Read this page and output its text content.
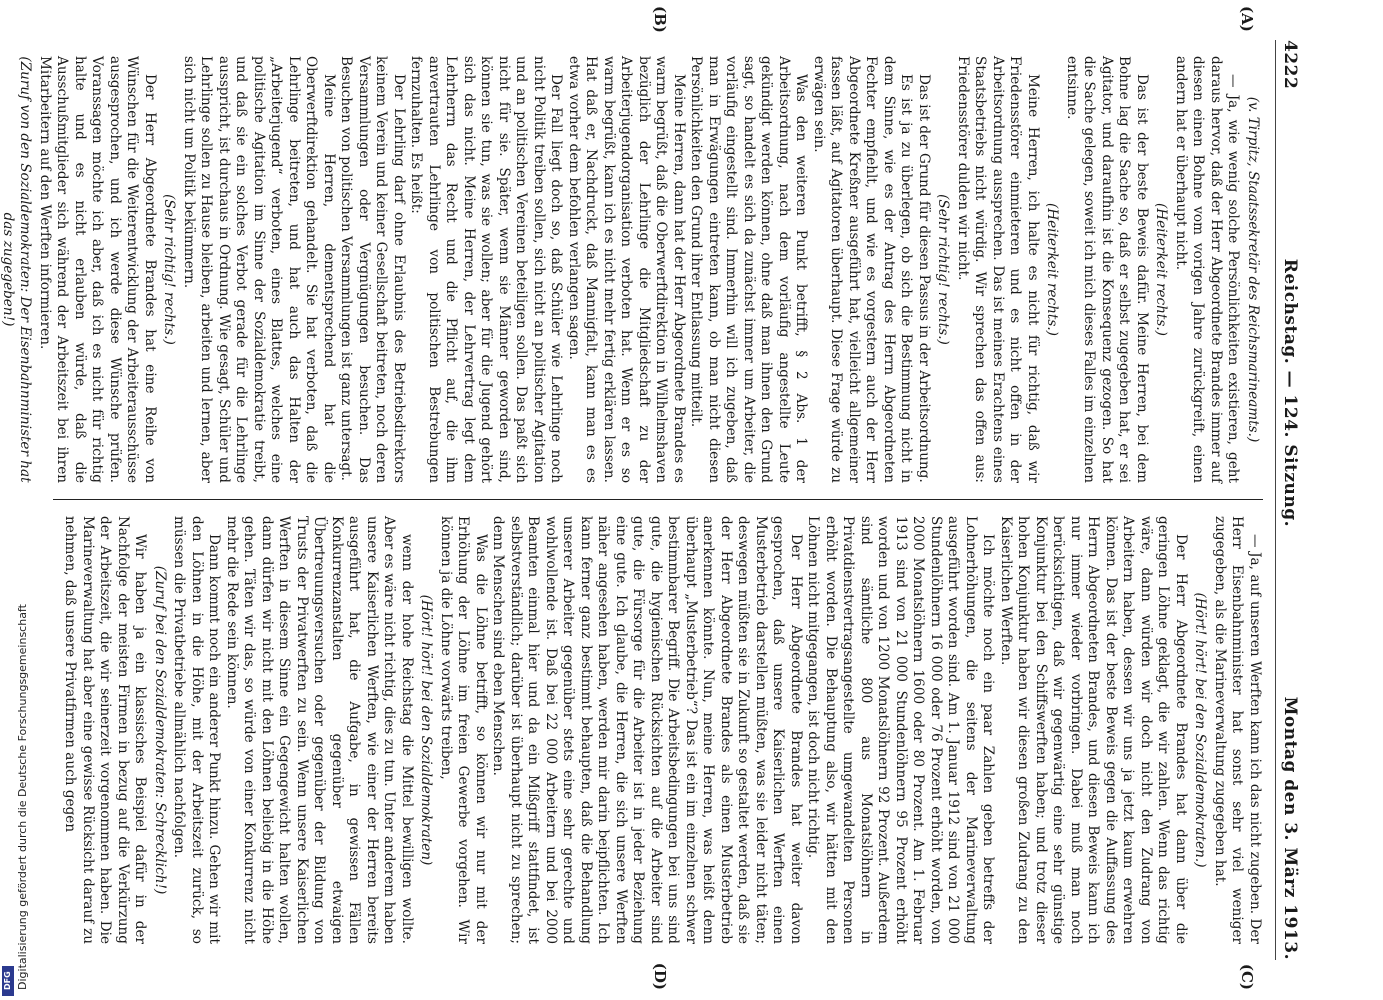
4222
Reichstag. — 124. Sitzung.
Montag den 3. März 1913.
(A)
(B)

(v. Tirpitz, Staatssekretär des Reichsmarineamts.)

— Ja, wie wenig solche Persönlichkeiten existieren, geht daraus hervor, daß der Herr Abgeordnete Brandes immer auf diesen einen Bohne vom vorigen Jahre zurückgreift, einen andern hat er überhaupt nicht.

(Heiterkeit rechts.)

Das ist der beste Beweis dafür. Meine Herren, bei dem Bohne lag die Sache so, daß er selbst zugegeben hat, er sei Agitator, und daraufhin ist die Konsequenz gezogen. So hat die Sache gelegen, soweit ich mich dieses Falles im einzelnen entsinne.

(Heiterkeit rechts.)

Meine Herren, ich halte es nicht für richtig, daß wir Friedensstörer einmieteren und es nicht offen in der Arbeitsordnung aussprechen. Das ist meines Erachtens eines Staatsbetriebs nicht würdig. Wir sprechen das offen aus: Friedensstörer dulden wir nicht.

(Sehr richtig! rechts.)

Das ist der Grund für diesen Passus in der Arbeitsordnung.

Es ist ja zu überlegen, ob sich die Bestimmung nicht in dem Sinne, wie es der Antrag des Herrn Abgeordneten Fechter empfiehlt, und wie es vorgestern auch der Herr Abgeordnete Kreßner ausgeführt hat, vielleicht allgemeiner fassen läßt, auf Agitatoren überhaupt. Diese Frage würde zu erwägen sein.

Was den weiteren Punkt betrifft, § 2 Abs. 1 der Arbeitsordnung, nach dem vorläufig angestellte Leute gekündigt werden können, ohne daß man ihnen den Grund sagt, so handelt es sich da zunächst immer um Arbeiter, die vorläufig eingestellt sind. Immerhin will ich zugeben, daß man in Erwägungen eintreten kann, ob man nicht diesen Persönlichkeiten den Grund ihrer Entlassung mitteilt.

Meine Herren, dann hat der Herr Abgeordnete Brandes es warm begrüßt, daß die Oberwerftdirektion in Wilhelmshaven bezüglich der Lehrlinge die Mitgliedschaft zu der Arbeiterjugendorganisation verboten hat. Wenn er es so warm begrüßt, kann ich es nicht mehr fertig erklären lassen. Hat daß er, Nachdruckt, daß Mannigfalt, kann man es es etwa vorher dem befohlen verlangen sagen.

Der Fall liegt doch so, daß Schüler wie Lehrlinge noch nicht Politik treiben sollen, sich nicht an politischer Agitation und an politischen Vereinen beteiligen sollen. Das paßt sich nicht für sie. Später, wenn sie Männer geworden sind, können sie tun, was sie wollen; aber für die Jugend gehört sich das nicht. Meine Herren, der Lehrvertrag legt dem Lehrherrn das Recht und die Pflicht auf, die ihm anvertrauten Lehrlinge von politischen Bestrebungen fernzuhalten. Es heißt:

Der Lehrling darf ohne Erlaubnis des Betriebsdirektors keinem Verein und keiner Gesellschaft beitreten, noch deren Versammlungen oder Vergnügungen besuchen. Das Besuchen von politischen Versammlungen ist ganz untersagt.

Meine Herren, dementsprechend hat die Oberwerftdirektion gehandelt. Sie hat verboten, daß die Lehrlinge beitreten, und hat auch das Halten der „Arbeiterjugend“ verboten, eines Blattes, welches eine politische Agitation im Sinne der Sozialdemokratie treibt, und daß sie ein solches Verbot gerade für die Lehrlinge ausspricht, ist durchaus in Ordnung. Wie gesagt, Schüler und Lehrlinge sollen zu Hause bleiben, arbeiten und lernen, aber sich nicht um Politik bekümmern.

(Sehr richtig! rechts.)

Der Herr Abgeordnete Brandes hat eine Reihe von Wünschen für die Weiterentwicklung der Arbeiterausschüsse ausgesprochen, und ich werde diese Wünsche prüfen. Voranssagen möchte ich aber, daß ich es nicht für richtig halte und es nicht erlauben würde, daß die Ausschußmitglieder sich während der Arbeitszeit bei ihren Mitarbeitern auf den Werften informieren.

(Zuruf von den Sozialdemokraten: Der Eisenbahnminister hat das zugegeben!)

(C)
(D)

— Ja, auf unseren Werften kann ich das nicht zugeben. Der Herr Eisenbahnminister hat sonst sehr viel weniger zugegeben, als die Marineverwaltung zugegeben hat.

(Hört! hört! bei den Sozialdemokraten.)

Der Herr Abgeordnete Brandes hat dann über die geringen Löhne geklagt, die wir zahlen. Wenn das richtig wäre, dann würden wir doch nicht den Zudrang von Arbeitern haben, dessen wir uns ja jetzt kaum erwehren können. Das ist der beste Beweis gegen die Auffassung des Herrn Abgeordneten Brandes, und diesen Beweis kann ich nur immer wieder vorbringen. Dabei muß man noch berücksichtigen, daß wir gegenwärtig eine sehr günstige Konjunktur bei den Schiffswerften haben; und trotz dieser hohen Konjunktur haben wir diesen großen Zudrang zu den Kaiserlichen Werften.

Ich möchte noch ein paar Zahlen geben betreffs der Lohnerhöhungen, die seitens der Marineverwaltung ausgeführt worden sind. Am 1. Januar 1912 sind von 21 000 Stundenlöhnern 16 000 oder 76 Prozent erhöht worden, von 2000 Monatslöhnern 1600 oder 80 Prozent. Am 1. Februar 1913 sind von 21 000 Stundenlöhnern 95 Prozent erhöht worden und von 1200 Monatslöhnern 92 Prozent. Außerdem sind sämtliche 800 aus Monatslöhnern in Privatdienstvertragsangestellte umgewandelten Personen erhöht worden. Die Behauptung also, wir hätten mit den Löhnen nicht mitgegangen, ist doch nicht richtig.

Der Herr Abgeordnete Brandes hat weiter davon gesprochen, daß unsere Kaiserlichen Werften einen Musterbetrieb darstellen müßten, was sie leider nicht täten; deswegen müßten sie in Zukunft so gestaltet werden, daß sie der Herr Abgeordnete Brandes als einen Musterbetrieb anerkennen könnte. Nun, meine Herren, was heißt denn überhaupt „Musterbetrieb“? Das ist ein im einzelnen schwer bestimmbarer Begriff. Die Arbeitsbedingungen bei uns sind gute, die hygienischen Rücksichten auf die Arbeiter sind gute, die Fürsorge für die Arbeiter ist in jeder Beziehung eine gute. Ich glaube, die Herren, die sich unsere Werften näher angesehen haben, werden mir darin beipflichten. Ich kann ferner ganz bestimmt behaupten, daß die Behandlung unserer Arbeiter gegenüber stets eine sehr gerechte und wohlwollende ist. Daß bei 22 000 Arbeitern und bei 2000 Beamten einmal hier und da ein Mißgriff stattfindet, ist selbstverständlich; darüber ist überhaupt nicht zu sprechen; denn Menschen sind eben Menschen.

Was die Löhne betrifft, so können wir nur mit der Erhöhung der Löhne im freien Gewerbe vorgehen. Wir können ja die Löhne vorwärts treiben,

(Hört! hört! bei den Sozialdemokraten)

wenn der hohe Reichstag die Mittel bewilligen wollte. Aber es wäre nicht richtig, dies zu tun. Unter anderem haben unsere Kaiserlichen Werften, wie einer der Herren bereits ausgeführt hat, die Aufgabe, in gewissen Fällen Konkurrenzanstalten gegenüber etwaigen Übertreuungsversuchen oder gegenüber der Bildung von Trusts der Privatwerften zu sein. Wenn unsere Kaiserlichen Werften in diesem Sinne ein Gegengewicht halten wollen, dann dürfen wir nicht mit den Löhnen beliebig in die Höhe gehen. Täten wir das, so würde von einer Konkurrenz nicht mehr die Rede sein können.

Dann kommt noch ein anderer Punkt hinzu. Gehen wir mit den Löhnen in die Höhe, mit der Arbeitszeit zurück, so müssen die Privatbetriebe allmählich nachfolgen.

(Zuruf bei den Sozialdemokraten: Schrecklich!)

Wir haben ja ein klassisches Beispiel dafür in der Nachfolge der meisten Firmen in bezug auf die Verkürzung der Arbeitszeit, die wir seinerzeit vorgenommen haben. Die Marineverwaltung hat aber eine gewisse Rücksicht darauf zu nehmen, daß unsere Privatfirmen auch gegen

Digitalisierung gefördert durch die Deutsche Forschungsgemeinschaft
DFG
